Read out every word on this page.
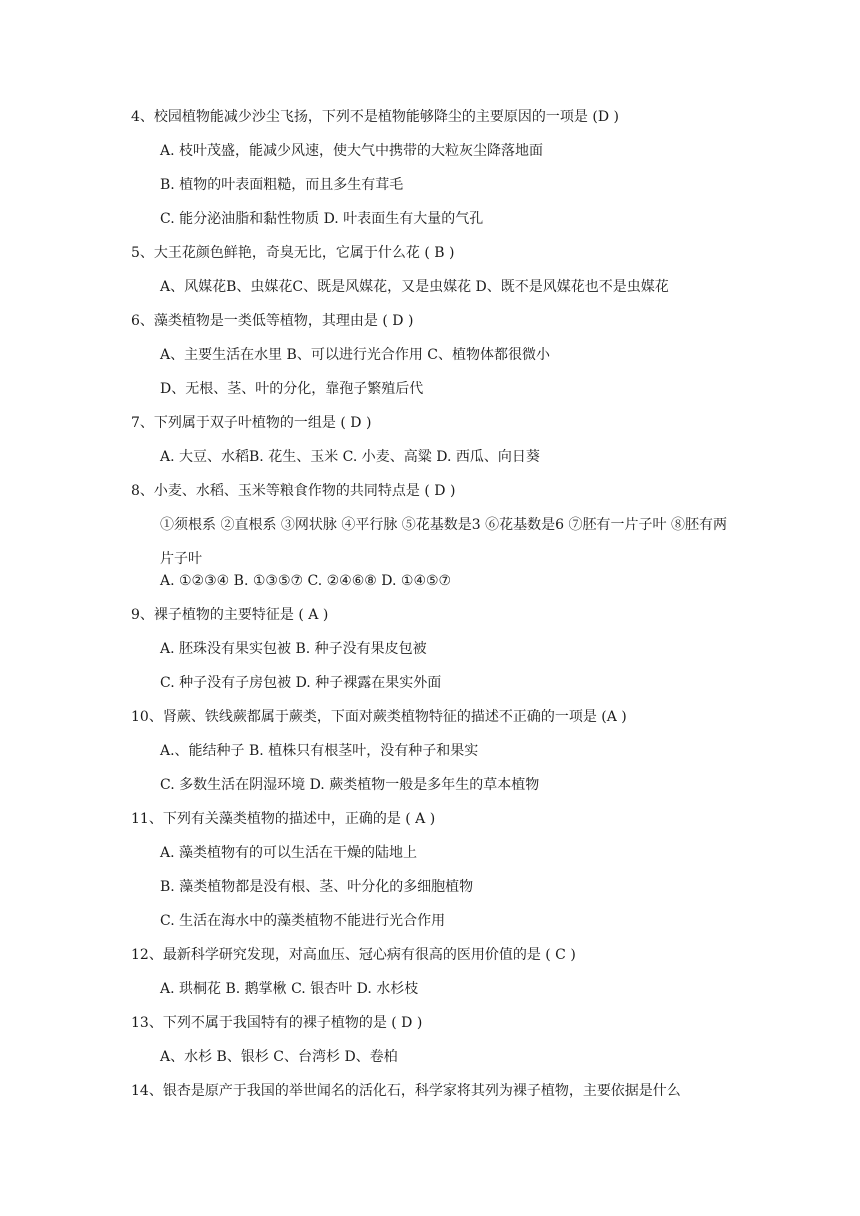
4、校园植物能减少沙尘飞扬，下列不是植物能够降尘的主要原因的一项是 (D )
A. 枝叶茂盛，能减少风速，使大气中携带的大粒灰尘降落地面
B. 植物的叶表面粗糙，而且多生有茸毛
C. 能分泌油脂和黏性物质 D. 叶表面生有大量的气孔
5、大王花颜色鲜艳，奇臭无比，它属于什么花 ( B )
A、风媒花B、虫媒花C、既是风媒花，又是虫媒花 D、既不是风媒花也不是虫媒花
6、藻类植物是一类低等植物，其理由是 ( D )
A、主要生活在水里 B、可以进行光合作用 C、植物体都很微小
D、无根、茎、叶的分化，靠孢子繁殖后代
7、下列属于双子叶植物的一组是 ( D )
A. 大豆、水稻B. 花生、玉米 C. 小麦、高粱 D. 西瓜、向日葵
8、小麦、水稻、玉米等粮食作物的共同特点是 ( D )
①须根系 ②直根系 ③网状脉 ④平行脉 ⑤花基数是3 ⑥花基数是6 ⑦胚有一片子叶 ⑧胚有两片子叶
A. ①②③④ B. ①③⑤⑦ C. ②④⑥⑧ D. ①④⑤⑦
9、裸子植物的主要特征是 ( A )
A. 胚珠没有果实包被 B. 种子没有果皮包被
C. 种子没有子房包被 D. 种子裸露在果实外面
10、肾蕨、铁线蕨都属于蕨类，下面对蕨类植物特征的描述不正确的一项是 (A )
A.、能结种子 B. 植株只有根茎叶，没有种子和果实
C. 多数生活在阴湿环境 D. 蕨类植物一般是多年生的草本植物
11、下列有关藻类植物的描述中，正确的是 ( A )
A. 藻类植物有的可以生活在干燥的陆地上
B. 藻类植物都是没有根、茎、叶分化的多细胞植物
C. 生活在海水中的藻类植物不能进行光合作用
12、最新科学研究发现，对高血压、冠心病有很高的医用价值的是 ( C )
A. 珙桐花 B. 鹅掌楸 C. 银杏叶 D. 水杉枝
13、下列不属于我国特有的裸子植物的是 ( D )
A、水杉 B、银杉 C、台湾杉 D、卷柏
14、银杏是原产于我国的举世闻名的活化石，科学家将其列为裸子植物，主要依据是什么
